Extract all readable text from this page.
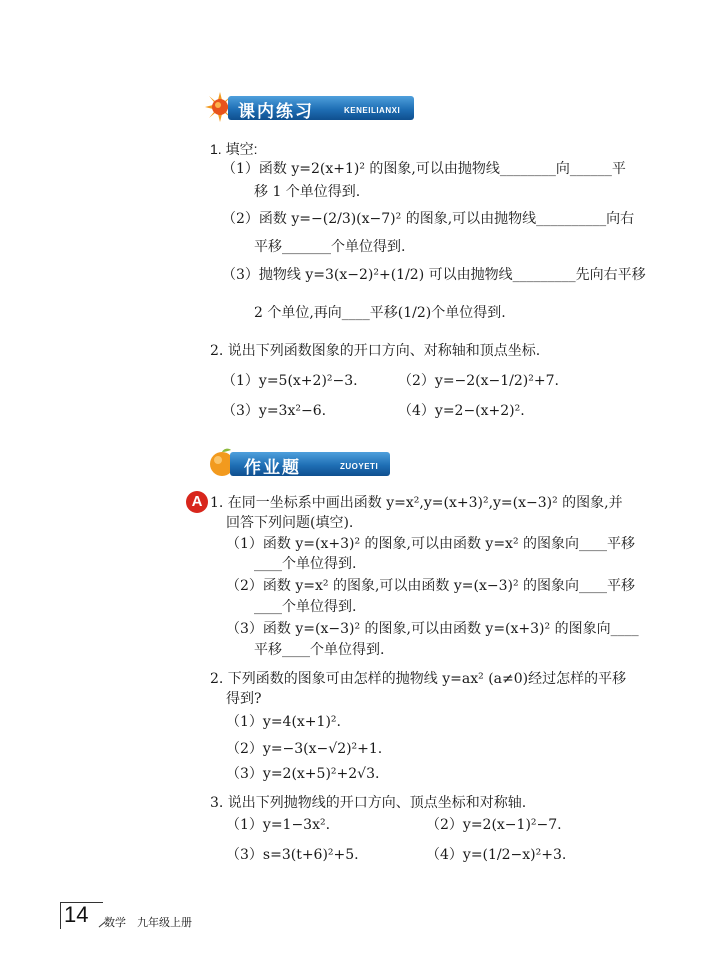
课内练习	KENEILIANXI
1. 填空:
（1）函数 y=2(x+1)² 的图象,可以由抛物线________向______平
移 1 个单位得到.
（2）函数 y=−(2/3)(x−7)² 的图象,可以由抛物线__________向右
平移_______个单位得到.
（3）抛物线 y=3(x−2)²+(1/2) 可以由抛物线_________先向右平移
2 个单位,再向____平移(1/2)个单位得到.
2. 说出下列函数图象的开口方向、对称轴和顶点坐标.
（1）y=5(x+2)²−3.	（2）y=−2(x−1/2)²+7.
（3）y=3x²−6.	（4）y=2−(x+2)².
作业题	ZUOYETI
A 1. 在同一坐标系中画出函数 y=x²,y=(x+3)²,y=(x−3)² 的图象,并
回答下列问题(填空).
（1）函数 y=(x+3)² 的图象,可以由函数 y=x² 的图象向____平移
____个单位得到.
（2）函数 y=x² 的图象,可以由函数 y=(x−3)² 的图象向____平移
____个单位得到.
（3）函数 y=(x−3)² 的图象,可以由函数 y=(x+3)² 的图象向____
平移____个单位得到.
2. 下列函数的图象可由怎样的抛物线 y=ax² (a≠0)经过怎样的平移
得到?
（1）y=4(x+1)².
（2）y=−3(x−√2)²+1.
（3）y=2(x+5)²+2√3.
3. 说出下列抛物线的开口方向、顶点坐标和对称轴.
（1）y=1−3x².	（2）y=2(x−1)²−7.
（3）s=3(t+6)²+5.	（4）y=(1/2−x)²+3.
14 数学　九年级上册
